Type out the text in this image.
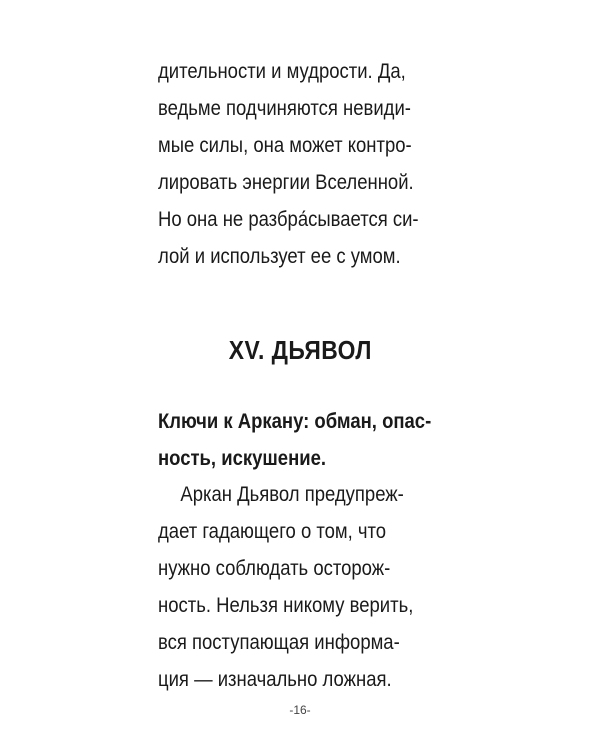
дительности и мудрости. Да,
ведьме подчиняются невиди-
мые силы, она может контро-
лировать энергии Вселенной.
Но она не разбра́сывается си-
лой и использует ее с умом.
XV. ДЬЯВОЛ
Ключи к Аркану: обман, опас-
ность, искушение.
Аркан Дьявол предупреж-
дает гадающего о том, что
нужно соблюдать осторож-
ность. Нельзя никому верить,
вся поступающая информа-
ция — изначально ложная.
-16-
